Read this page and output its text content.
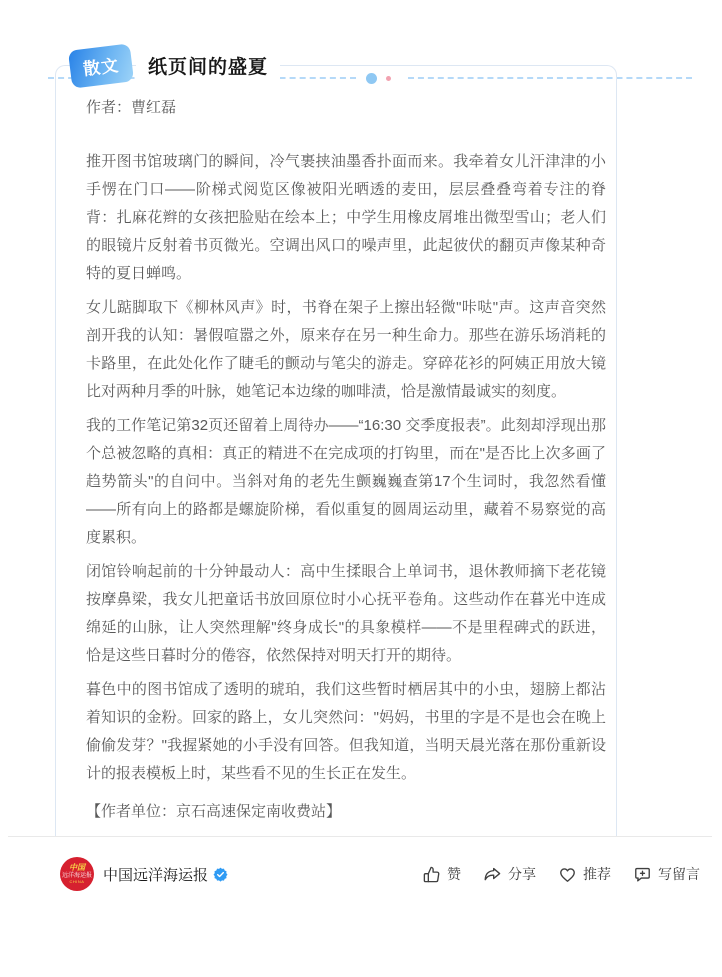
散文	纸页间的盛夏

作者：曹红磊

推开图书馆玻璃门的瞬间，冷气裹挟油墨香扑面而来。我牵着女儿汗津津的小手愣在门口——阶梯式阅览区像被阳光晒透的麦田，层层叠叠弯着专注的脊背：扎麻花辫的女孩把脸贴在绘本上；中学生用橡皮屑堆出微型雪山；老人们的眼镜片反射着书页微光。空调出风口的噪声里，此起彼伏的翻页声像某种奇特的夏日蝉鸣。

女儿踮脚取下《柳林风声》时，书脊在架子上擦出轻微"咔哒"声。这声音突然剖开我的认知：暑假喧嚣之外，原来存在另一种生命力。那些在游乐场消耗的卡路里，在此处化作了睫毛的颤动与笔尖的游走。穿碎花衫的阿姨正用放大镜比对两种月季的叶脉，她笔记本边缘的咖啡渍，恰是激情最诚实的刻度。

我的工作笔记第32页还留着上周待办——“16:30 交季度报表”。此刻却浮现出那个总被忽略的真相：真正的精进不在完成项的打钩里，而在"是否比上次多画了趋势箭头"的自问中。当斜对角的老先生颤巍巍查第17个生词时，我忽然看懂——所有向上的路都是螺旋阶梯，看似重复的圆周运动里，藏着不易察觉的高度累积。

闭馆铃响起前的十分钟最动人：高中生揉眼合上单词书，退休教师摘下老花镜按摩鼻梁，我女儿把童话书放回原位时小心抚平卷角。这些动作在暮光中连成绵延的山脉，让人突然理解"终身成长"的具象模样——不是里程碑式的跃进，恰是这些日暮时分的倦容，依然保持对明天打开的期待。

暮色中的图书馆成了透明的琥珀，我们这些暂时栖居其中的小虫，翅膀上都沾着知识的金粉。回家的路上，女儿突然问："妈妈，书里的字是不是也会在晚上偷偷发芽？"我握紧她的小手没有回答。但我知道，当明天晨光落在那份重新设计的报表模板上时，某些看不见的生长正在发生。

【作者单位：京石高速保定南收费站】

中国
远洋海运报
CHINA 中国远洋海运报	赞	分享	推荐	写留言
